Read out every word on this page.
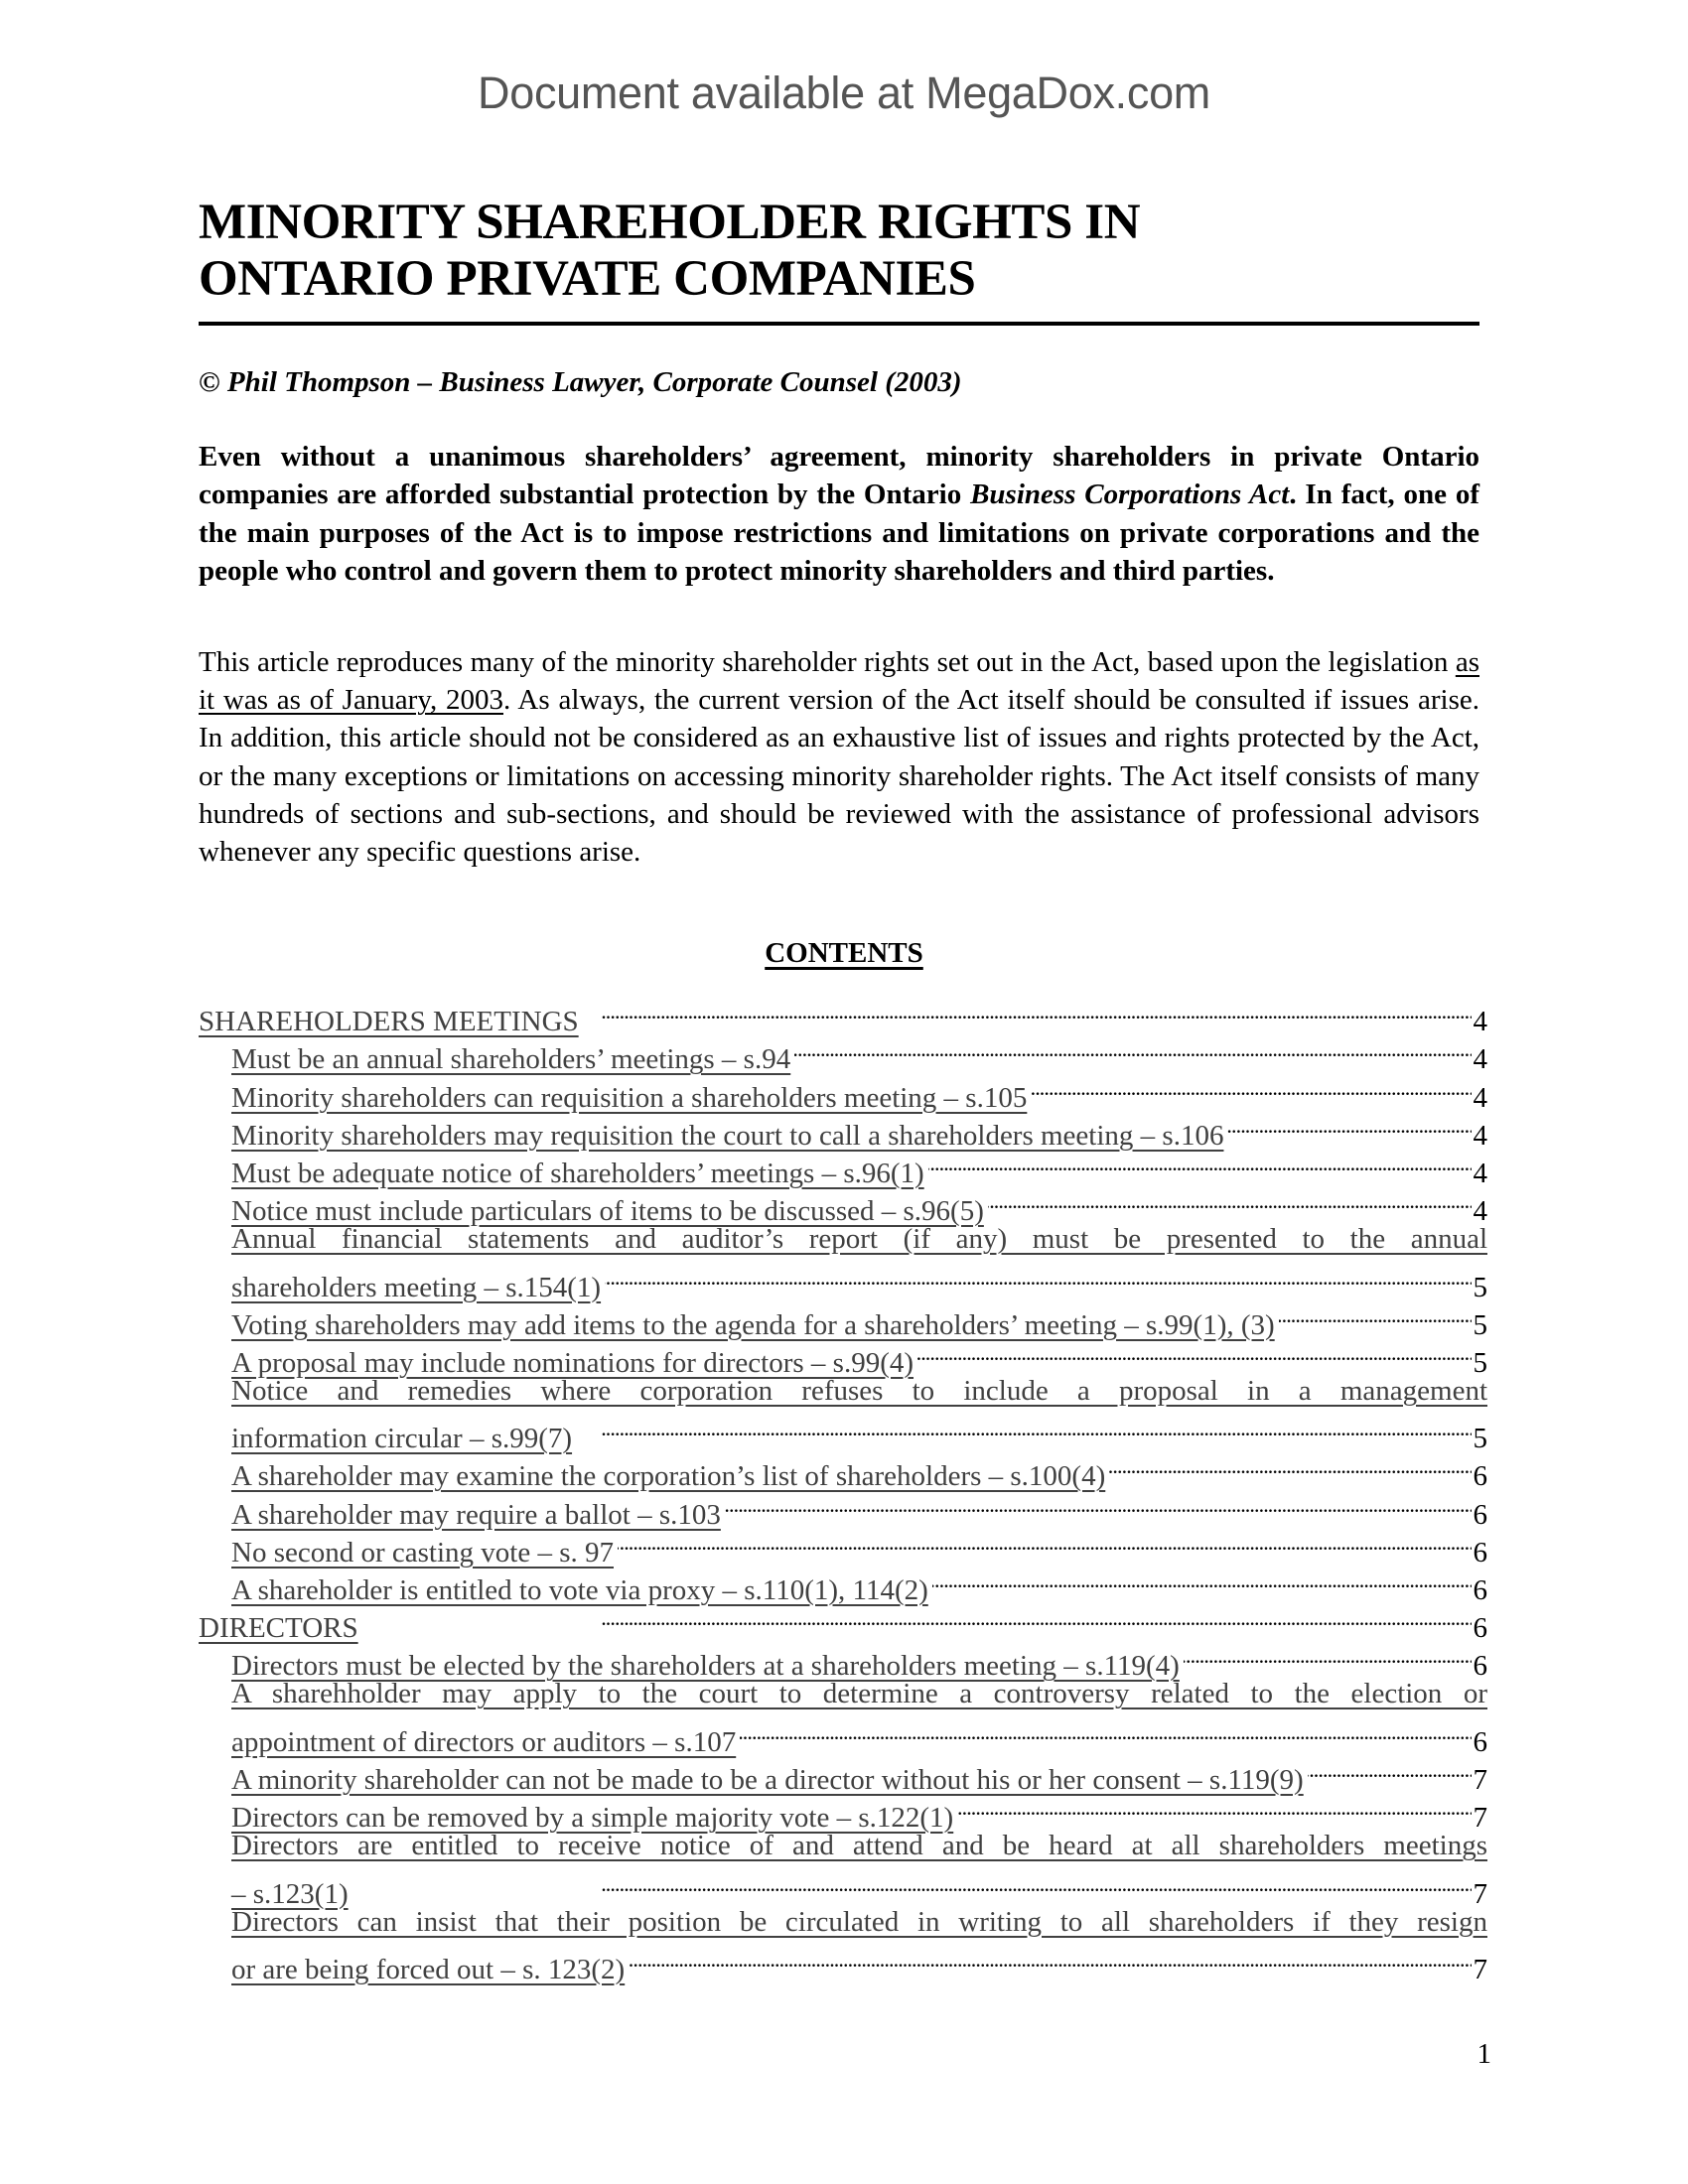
Document available at MegaDox.com
MINORITY SHAREHOLDER RIGHTS IN
ONTARIO PRIVATE COMPANIES
© Phil Thompson – Business Lawyer, Corporate Counsel (2003)
Even without a unanimous shareholders’ agreement, minority shareholders in private Ontario companies are afforded substantial protection by the Ontario Business Corporations Act. In fact, one of the main purposes of the Act is to impose restrictions and limitations on private corporations and the people who control and govern them to protect minority shareholders and third parties.
This article reproduces many of the minority shareholder rights set out in the Act, based upon the legislation as it was as of January, 2003. As always, the current version of the Act itself should be consulted if issues arise. In addition, this article should not be considered as an exhaustive list of issues and rights protected by the Act, or the many exceptions or limitations on accessing minority shareholder rights. The Act itself consists of many hundreds of sections and sub-sections, and should be reviewed with the assistance of professional advisors whenever any specific questions arise.
CONTENTS
SHAREHOLDERS MEETINGS . . .	4
Must be an annual shareholders’ meetings – s.94 . . .	4
Minority shareholders can requisition a shareholders meeting – s.105 . . .	4
Minority shareholders may requisition the court to call a shareholders meeting – s.106 . . .	4
Must be adequate notice of shareholders’ meetings – s.96(1) . . .	4
Notice must include particulars of items to be discussed – s.96(5) . . .	4
Annual financial statements and auditor’s report (if any) must be presented to the annual
shareholders meeting – s.154(1) . . .	5
Voting shareholders may add items to the agenda for a shareholders’ meeting – s.99(1), (3) . . .	5
A proposal may include nominations for directors – s.99(4) . . .	5
Notice and remedies where corporation refuses to include a proposal in a management
information circular – s.99(7) . . .	5
A shareholder may examine the corporation’s list of shareholders – s.100(4) . . .	6
A shareholder may require a ballot – s.103 . . .	6
No second or casting vote – s. 97 . . .	6
A shareholder is entitled to vote via proxy – s.110(1), 114(2) . . .	6
DIRECTORS . . .	6
Directors must be elected by the shareholders at a shareholders meeting – s.119(4) . . .	6
A sharehholder may apply to the court to determine a controversy related to the election or
appointment of directors or auditors – s.107 . . .	6
A minority shareholder can not be made to be a director without his or her consent – s.119(9) . . .	7
Directors can be removed by a simple majority vote – s.122(1) . . .	7
Directors are entitled to receive notice of and attend and be heard at all shareholders meetings
– s.123(1) . . .	7
Directors can insist that their position be circulated in writing to all shareholders if they resign
or are being forced out – s. 123(2) . . .	7
1
